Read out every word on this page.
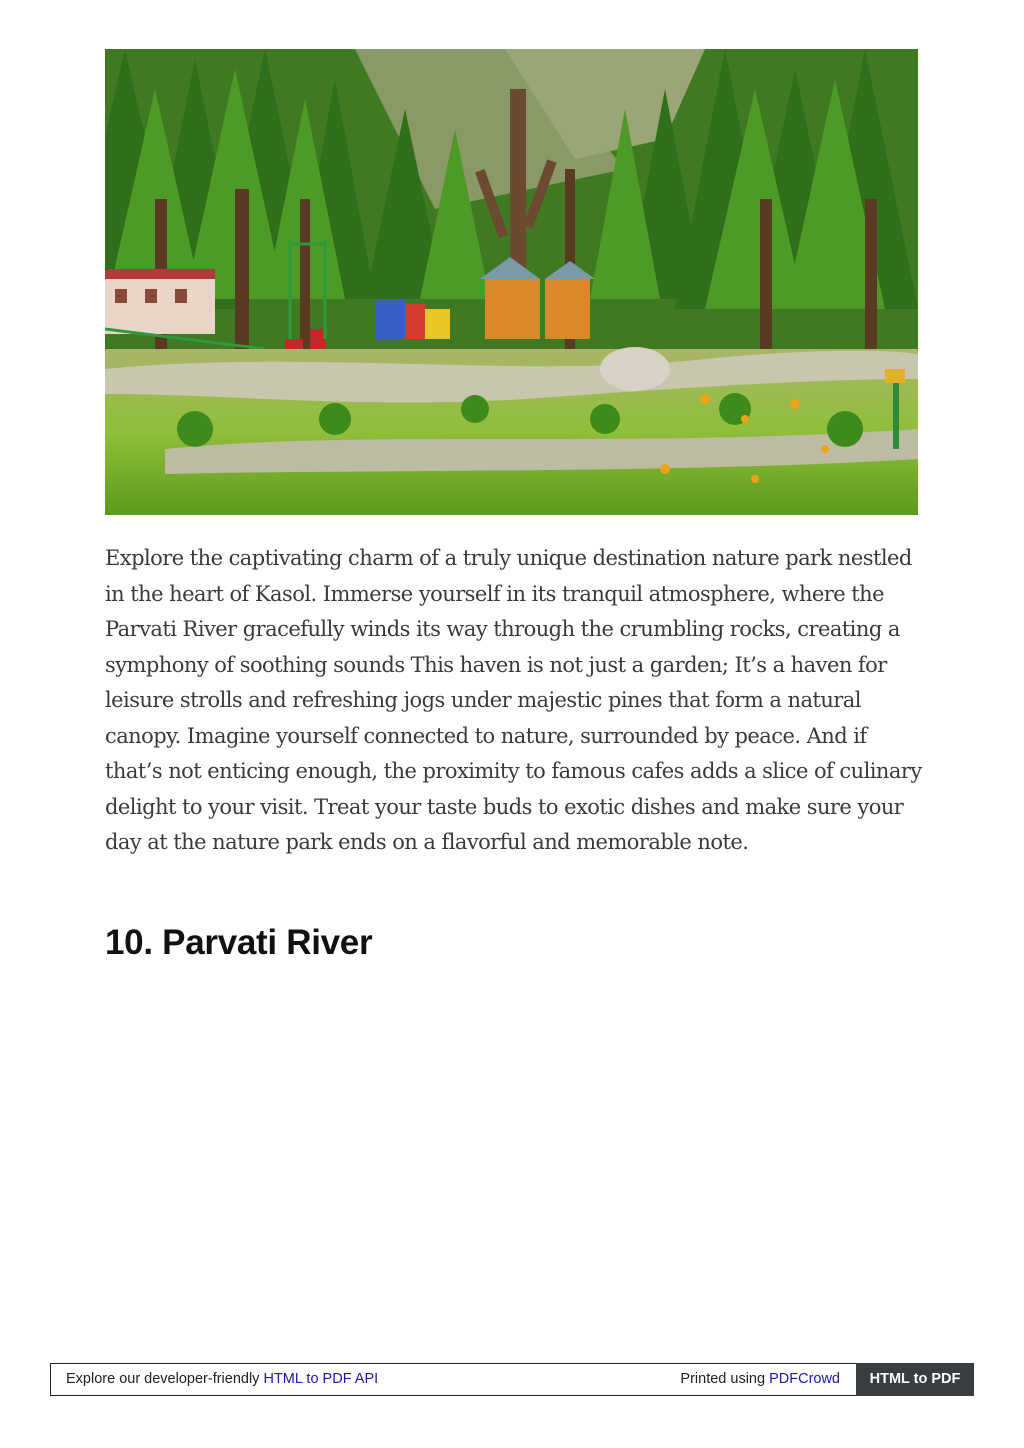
Explore the captivating charm of a truly unique destination nature park nestled in the heart of Kasol. Immerse yourself in its tranquil atmosphere, where the Parvati River gracefully winds its way through the crumbling rocks, creating a symphony of soothing sounds This haven is not just a garden; It’s a haven for leisure strolls and refreshing jogs under majestic pines that form a natural canopy. Imagine yourself connected to nature, surrounded by peace. And if that’s not enticing enough, the proximity to famous cafes adds a slice of culinary delight to your visit. Treat your taste buds to exotic dishes and make sure your day at the nature park ends on a flavorful and memorable note.

10. Parvati River
Explore our developer-friendly HTML to PDF API	Printed using PDFCrowd	HTML to PDF
